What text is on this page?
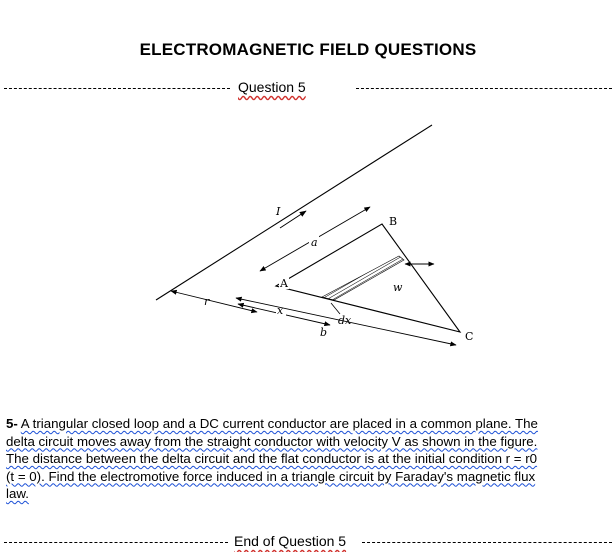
ELECTROMAGNETIC FIELD QUESTIONS
Question 5
I
a
r
x
b
w
dx
A
B
C
5- A triangular closed loop and a DC current conductor are placed in a common plane. The
delta circuit moves away from the straight conductor with velocity V as shown in the figure.
The distance between the delta circuit and the flat conductor is at the initial condition r = r0
(t = 0). Find the electromotive force induced in a triangle circuit by Faraday's magnetic flux
law.
End of Question 5
